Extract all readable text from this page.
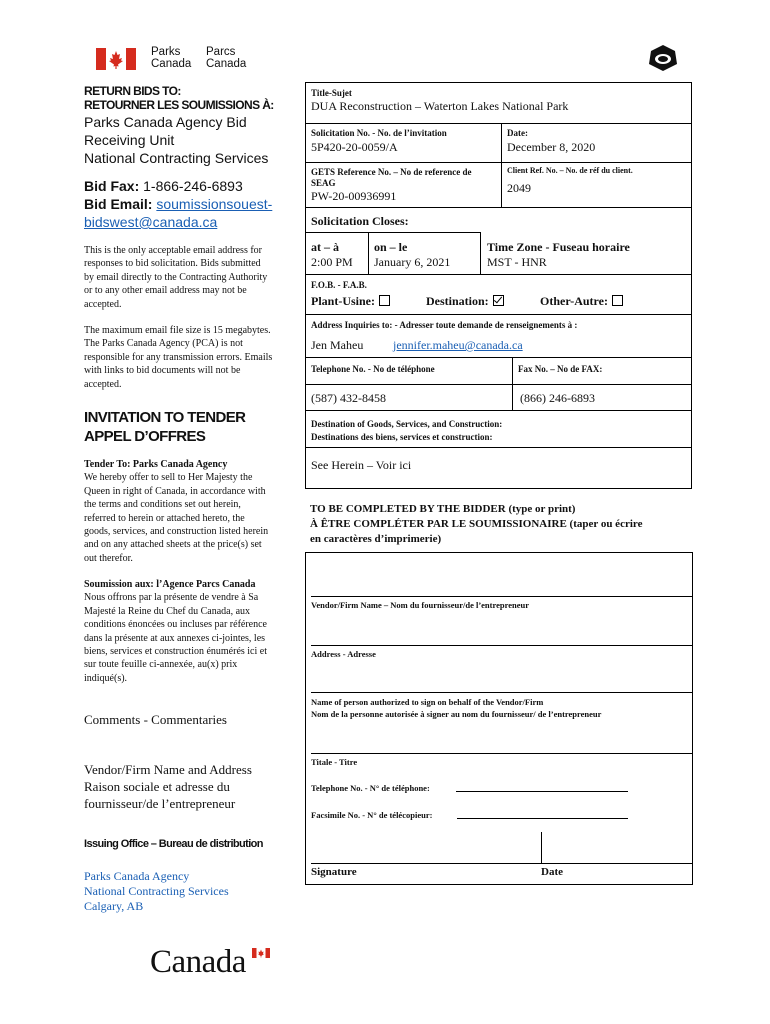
Parks
Canada
Parcs
Canada
RETURN BIDS TO:
RETOURNER LES SOUMISSIONS À:
Parks Canada Agency Bid
Receiving Unit
National Contracting Services
Bid Fax: 1-866-246-6893
Bid Email: soumissionsouest-
bidswest@canada.ca
This is the only acceptable email address for
responses to bid solicitation. Bids submitted
by email directly to the Contracting Authority
or to any other email address may not be
accepted.
The maximum email file size is 15 megabytes.
The Parks Canada Agency (PCA) is not
responsible for any transmission errors. Emails
with links to bid documents will not be
accepted.
INVITATION TO TENDER
APPEL D’OFFRES
Tender To: Parks Canada Agency
We hereby offer to sell to Her Majesty the
Queen in right of Canada, in accordance with
the terms and conditions set out herein,
referred to herein or attached hereto, the
goods, services, and construction listed herein
and on any attached sheets at the price(s) set
out therefor.
Soumission aux: l’Agence Parcs Canada
Nous offrons par la présente de vendre à Sa
Majesté la Reine du Chef du Canada, aux
conditions énoncées ou incluses par référence
dans la présente at aux annexes ci-jointes, les
biens, services et construction énumérés ici et
sur toute feuille ci-annexée, au(x) prix
indiqué(s).
Comments - Commentaries
Vendor/Firm Name and Address
Raison sociale et adresse du
fournisseur/de l’entrepreneur
Issuing Office – Bureau de distribution
Parks Canada Agency
National Contracting Services
Calgary, AB
Canada
Title-Sujet
DUA Reconstruction – Waterton Lakes National Park
Solicitation No. - No. de l’invitation
5P420-20-0059/A
Date:
December 8, 2020
GETS Reference No. – No de reference de
SEAG
PW-20-00936991
Client Ref. No. – No. de réf du client.
2049
Solicitation Closes:
at – à
2:00 PM
on – le
January 6, 2021
Time Zone - Fuseau horaire
MST - HNR
F.O.B. - F.A.B.
Plant-Usine:	Destination:	Other-Autre:
Address Inquiries to: - Adresser toute demande de renseignements à :
Jen Maheu jennifer.maheu@canada.ca
Telephone No. - No de téléphone	Fax No. – No de FAX:
(587) 432-8458	(866) 246-6893
Destination of Goods, Services, and Construction:
Destinations des biens, services et construction:
See Herein – Voir ici
TO BE COMPLETED BY THE BIDDER (type or print)
À ÊTRE COMPLÉTER PAR LE SOUMISSIONAIRE (taper ou écrire
en caractères d’imprimerie)
Vendor/Firm Name – Nom du fournisseur/de l’entrepreneur
Address - Adresse
Name of person authorized to sign on behalf of the Vendor/Firm
Nom de la personne autorisée à signer au nom du fournisseur/ de l’entrepreneur
Titale - Titre
Telephone No. - N° de téléphone:
Facsimile No. - N° de télécopieur:
Signature	Date
